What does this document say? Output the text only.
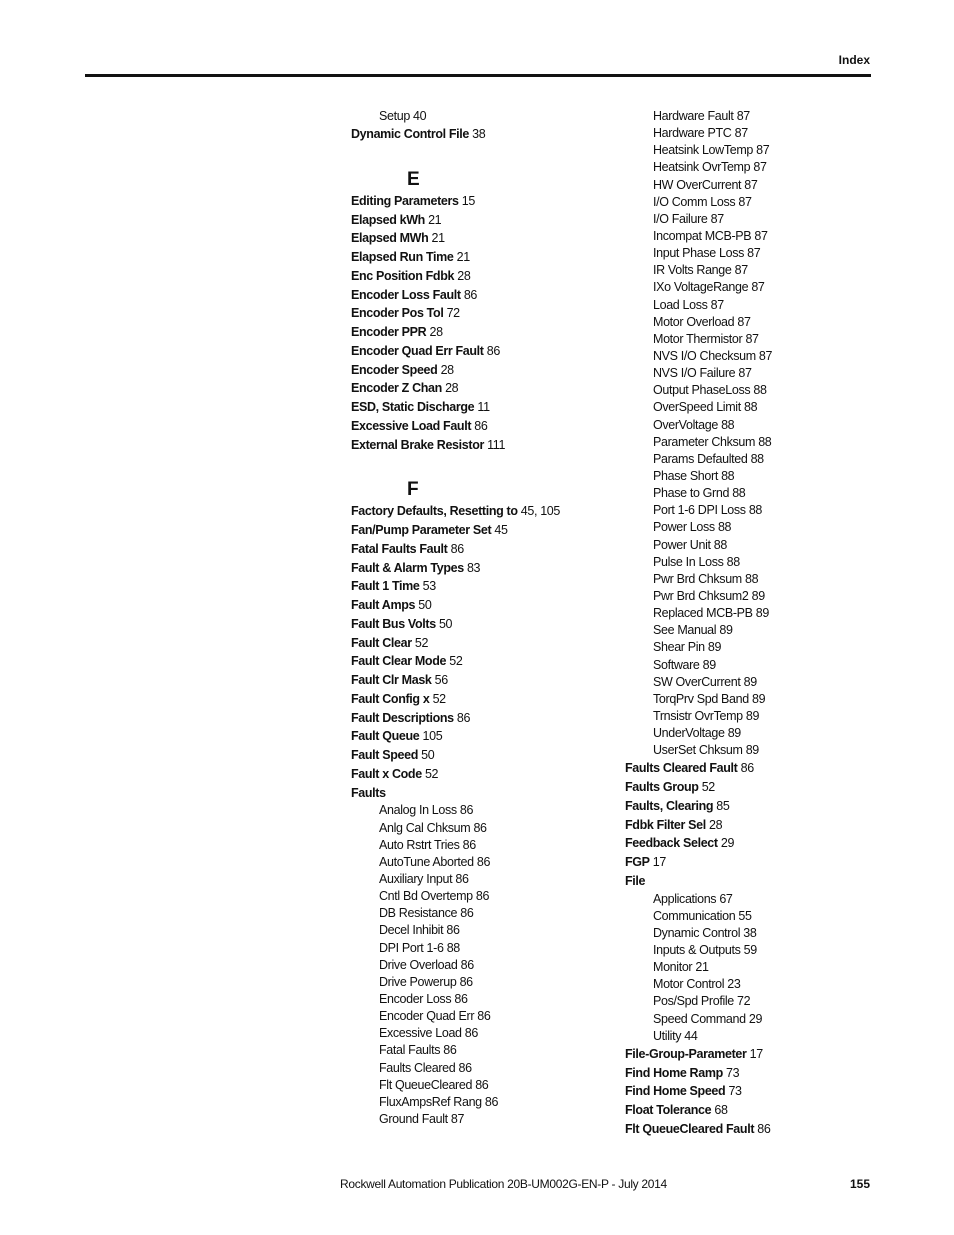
Index
Setup 40
Dynamic Control File 38
E
Editing Parameters 15
Elapsed kWh 21
Elapsed MWh 21
Elapsed Run Time 21
Enc Position Fdbk 28
Encoder Loss Fault 86
Encoder Pos Tol 72
Encoder PPR 28
Encoder Quad Err Fault 86
Encoder Speed 28
Encoder Z Chan 28
ESD, Static Discharge 11
Excessive Load Fault 86
External Brake Resistor 111
F
Factory Defaults, Resetting to 45, 105
Fan/Pump Parameter Set 45
Fatal Faults Fault 86
Fault & Alarm Types 83
Fault 1 Time 53
Fault Amps 50
Fault Bus Volts 50
Fault Clear 52
Fault Clear Mode 52
Fault Clr Mask 56
Fault Config x 52
Fault Descriptions 86
Fault Queue 105
Fault Speed 50
Fault x Code 52
Faults
Analog In Loss 86
Anlg Cal Chksum 86
Auto Rstrt Tries 86
AutoTune Aborted 86
Auxiliary Input 86
Cntl Bd Overtemp 86
DB Resistance 86
Decel Inhibit 86
DPI Port 1-6 88
Drive Overload 86
Drive Powerup 86
Encoder Loss 86
Encoder Quad Err 86
Excessive Load 86
Fatal Faults 86
Faults Cleared 86
Flt QueueCleared 86
FluxAmpsRef Rang 86
Ground Fault 87
Hardware Fault 87
Hardware PTC 87
Heatsink LowTemp 87
Heatsink OvrTemp 87
HW OverCurrent 87
I/O Comm Loss 87
I/O Failure 87
Incompat MCB-PB 87
Input Phase Loss 87
IR Volts Range 87
IXo VoltageRange 87
Load Loss 87
Motor Overload 87
Motor Thermistor 87
NVS I/O Checksum 87
NVS I/O Failure 87
Output PhaseLoss 88
OverSpeed Limit 88
OverVoltage 88
Parameter Chksum 88
Params Defaulted 88
Phase Short 88
Phase to Grnd 88
Port 1-6 DPI Loss 88
Power Loss 88
Power Unit 88
Pulse In Loss 88
Pwr Brd Chksum 88
Pwr Brd Chksum2 89
Replaced MCB-PB 89
See Manual 89
Shear Pin 89
Software 89
SW OverCurrent 89
TorqPrv Spd Band 89
Trnsistr OvrTemp 89
UnderVoltage 89
UserSet Chksum 89
Faults Cleared Fault 86
Faults Group 52
Faults, Clearing 85
Fdbk Filter Sel 28
Feedback Select 29
FGP 17
File
Applications 67
Communication 55
Dynamic Control 38
Inputs & Outputs 59
Monitor 21
Motor Control 23
Pos/Spd Profile 72
Speed Command 29
Utility 44
File-Group-Parameter 17
Find Home Ramp 73
Find Home Speed 73
Float Tolerance 68
Flt QueueCleared Fault 86
Rockwell Automation Publication 20B-UM002G-EN-P - July 2014	155
